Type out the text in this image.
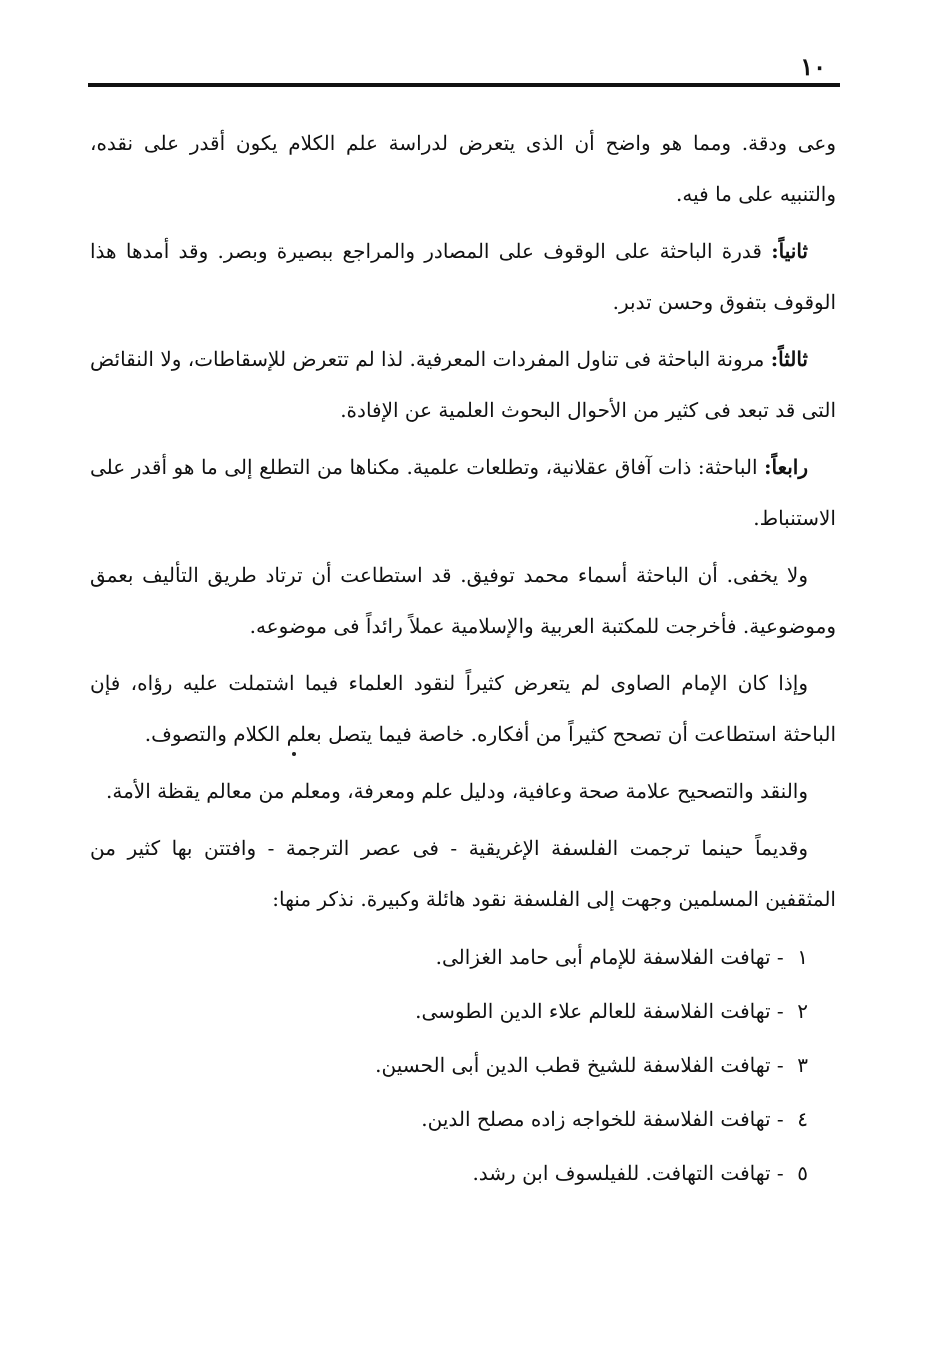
١٠

وعى ودقة. ومما هو واضح أن الذى يتعرض لدراسة علم الكلام يكون أقدر على نقده، والتنبيه على ما فيه.

ثانياً: قدرة الباحثة على الوقوف على المصادر والمراجع ببصيرة وبصر. وقد أمدها هذا الوقوف بتفوق وحسن تدبر.

ثالثاً: مرونة الباحثة فى تناول المفردات المعرفية. لذا لم تتعرض للإسقاطات، ولا النقائض التى قد تبعد فى كثير من الأحوال البحوث العلمية عن الإفادة.

رابعاً: الباحثة: ذات آفاق عقلانية، وتطلعات علمية. مكناها من التطلع إلى ما هو أقدر على الاستنباط.

ولا يخفى. أن الباحثة أسماء محمد توفيق. قد استطاعت أن ترتاد طريق التأليف بعمق وموضوعية. فأخرجت للمكتبة العربية والإسلامية عملاً رائداً فى موضوعه.

وإذا كان الإمام الصاوى لم يتعرض كثيراً لنقود العلماء فيما اشتملت عليه رؤاه، فإن الباحثة استطاعت أن تصحح كثيراً من أفكاره. خاصة فيما يتصل بعلم الكلام والتصوف.

والنقد والتصحيح علامة صحة وعافية، ودليل علم ومعرفة، ومعلم من معالم يقظة الأمة.

وقديماً حينما ترجمت الفلسفة الإغريقية - فى عصر الترجمة - وافتتن بها كثير من المثقفين المسلمين وجهت إلى الفلسفة نقود هائلة وكبيرة. نذكر منها:

١ - تهافت الفلاسفة للإمام أبى حامد الغزالى.
٢ - تهافت الفلاسفة للعالم علاء الدين الطوسى.
٣ - تهافت الفلاسفة للشيخ قطب الدين أبى الحسين.
٤ - تهافت الفلاسفة للخواجه زاده مصلح الدين.
٥ - تهافت التهافت. للفيلسوف ابن رشد.
